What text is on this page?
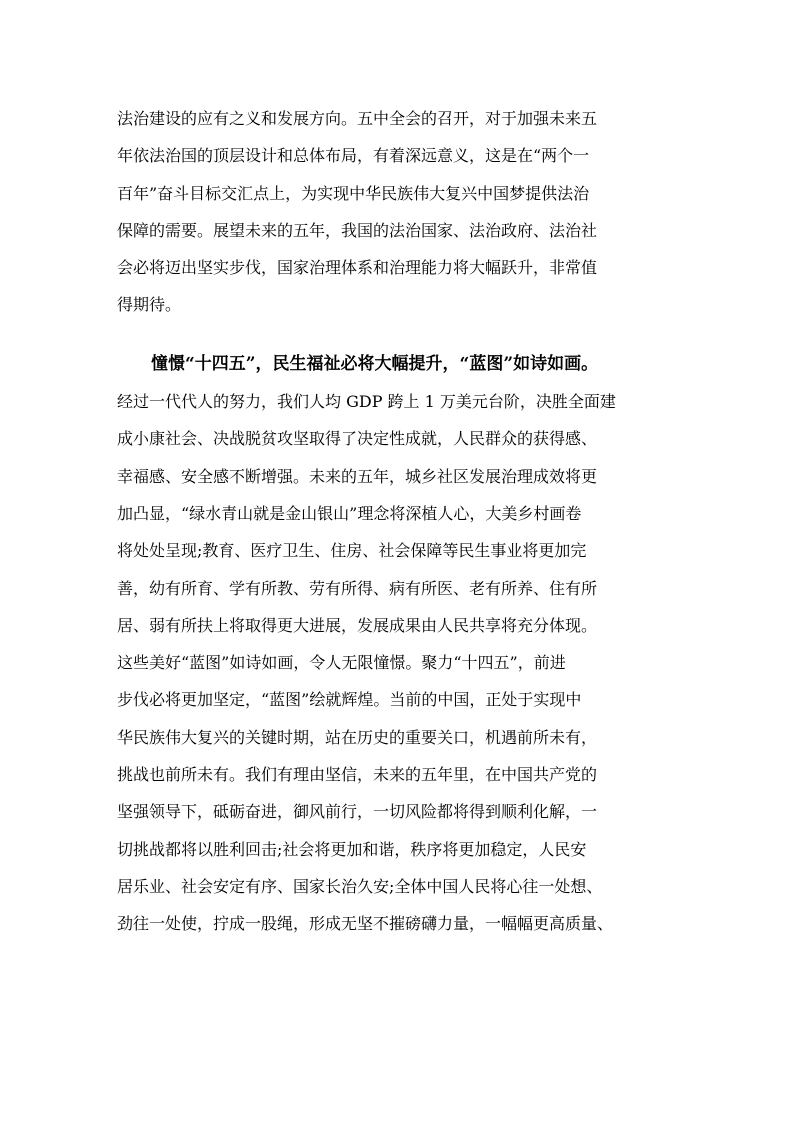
法治建设的应有之义和发展方向。五中全会的召开，对于加强未来五
年依法治国的顶层设计和总体布局，有着深远意义，这是在“两个一
百年”奋斗目标交汇点上，为实现中华民族伟大复兴中国梦提供法治
保障的需要。展望未来的五年，我国的法治国家、法治政府、法治社
会必将迈出坚实步伐，国家治理体系和治理能力将大幅跃升，非常值
得期待。
　　憧憬“十四五”，民生福祉必将大幅提升，“蓝图”如诗如画。
经过一代代人的努力，我们人均 GDP 跨上 1 万美元台阶，决胜全面建
成小康社会、决战脱贫攻坚取得了决定性成就，人民群众的获得感、
幸福感、安全感不断增强。未来的五年，城乡社区发展治理成效将更
加凸显，“绿水青山就是金山银山”理念将深植人心，大美乡村画卷
将处处呈现;教育、医疗卫生、住房、社会保障等民生事业将更加完
善，幼有所育、学有所教、劳有所得、病有所医、老有所养、住有所
居、弱有所扶上将取得更大进展，发展成果由人民共享将充分体现。
这些美好“蓝图”如诗如画，令人无限憧憬。聚力“十四五”，前进
步伐必将更加坚定，“蓝图”绘就辉煌。当前的中国，正处于实现中
华民族伟大复兴的关键时期，站在历史的重要关口，机遇前所未有，
挑战也前所未有。我们有理由坚信，未来的五年里，在中国共产党的
坚强领导下，砥砺奋进，御风前行，一切风险都将得到顺利化解，一
切挑战都将以胜利回击;社会将更加和谐，秩序将更加稳定，人民安
居乐业、社会安定有序、国家长治久安;全体中国人民将心往一处想、
劲往一处使，拧成一股绳，形成无坚不摧磅礴力量，一幅幅更高质量、
